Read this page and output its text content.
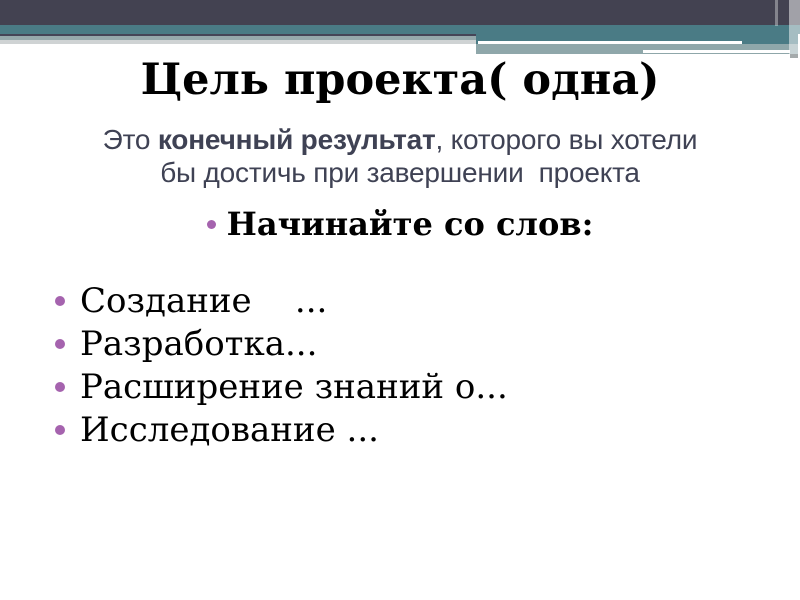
Цель проекта( одна)
Это конечный результат, которого вы хотели
бы достичь при завершении  проекта
Начинайте со слов:
Создание    ...
Разработка...
Расширение знаний о...
Исследование ...
